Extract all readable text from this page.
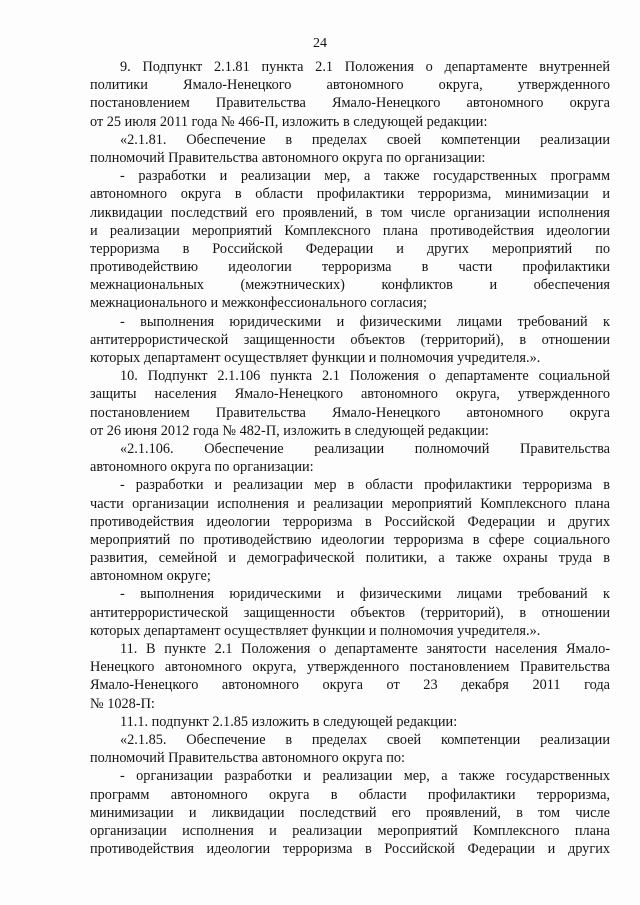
24
9. Подпункт 2.1.81 пункта 2.1 Положения о департаменте внутренней
политики Ямало-Ненецкого автономного округа, утвержденного
постановлением Правительства Ямало-Ненецкого автономного округа
от 25 июля 2011 года № 466-П, изложить в следующей редакции:
«2.1.81. Обеспечение в пределах своей компетенции реализации
полномочий Правительства автономного округа по организации:
- разработки и реализации мер, а также государственных программ
автономного округа в области профилактики терроризма, минимизации и
ликвидации последствий его проявлений, в том числе организации исполнения
и реализации мероприятий Комплексного плана противодействия идеологии
терроризма в Российской Федерации и других мероприятий по
противодействию идеологии терроризма в части профилактики
межнациональных (межэтнических) конфликтов и обеспечения
межнационального и межконфессионального согласия;
- выполнения юридическими и физическими лицами требований к
антитеррористической защищенности объектов (территорий), в отношении
которых департамент осуществляет функции и полномочия учредителя.».
10. Подпункт 2.1.106 пункта 2.1 Положения о департаменте социальной
защиты населения Ямало-Ненецкого автономного округа, утвержденного
постановлением Правительства Ямало-Ненецкого автономного округа
от 26 июня 2012 года № 482-П, изложить в следующей редакции:
«2.1.106. Обеспечение реализации полномочий Правительства
автономного округа по организации:
- разработки и реализации мер в области профилактики терроризма в
части организации исполнения и реализации мероприятий Комплексного плана
противодействия идеологии терроризма в Российской Федерации и других
мероприятий по противодействию идеологии терроризма в сфере социального
развития, семейной и демографической политики, а также охраны труда в
автономном округе;
- выполнения юридическими и физическими лицами требований к
антитеррористической защищенности объектов (территорий), в отношении
которых департамент осуществляет функции и полномочия учредителя.».
11. В пункте 2.1 Положения о департаменте занятости населения Ямало-
Ненецкого автономного округа, утвержденного постановлением Правительства
Ямало-Ненецкого автономного округа от 23 декабря 2011 года
№ 1028-П:
11.1. подпункт 2.1.85 изложить в следующей редакции:
«2.1.85. Обеспечение в пределах своей компетенции реализации
полномочий Правительства автономного округа по:
- организации разработки и реализации мер, а также государственных
программ автономного округа в области профилактики терроризма,
минимизации и ликвидации последствий его проявлений, в том числе
организации исполнения и реализации мероприятий Комплексного плана
противодействия идеологии терроризма в Российской Федерации и других
